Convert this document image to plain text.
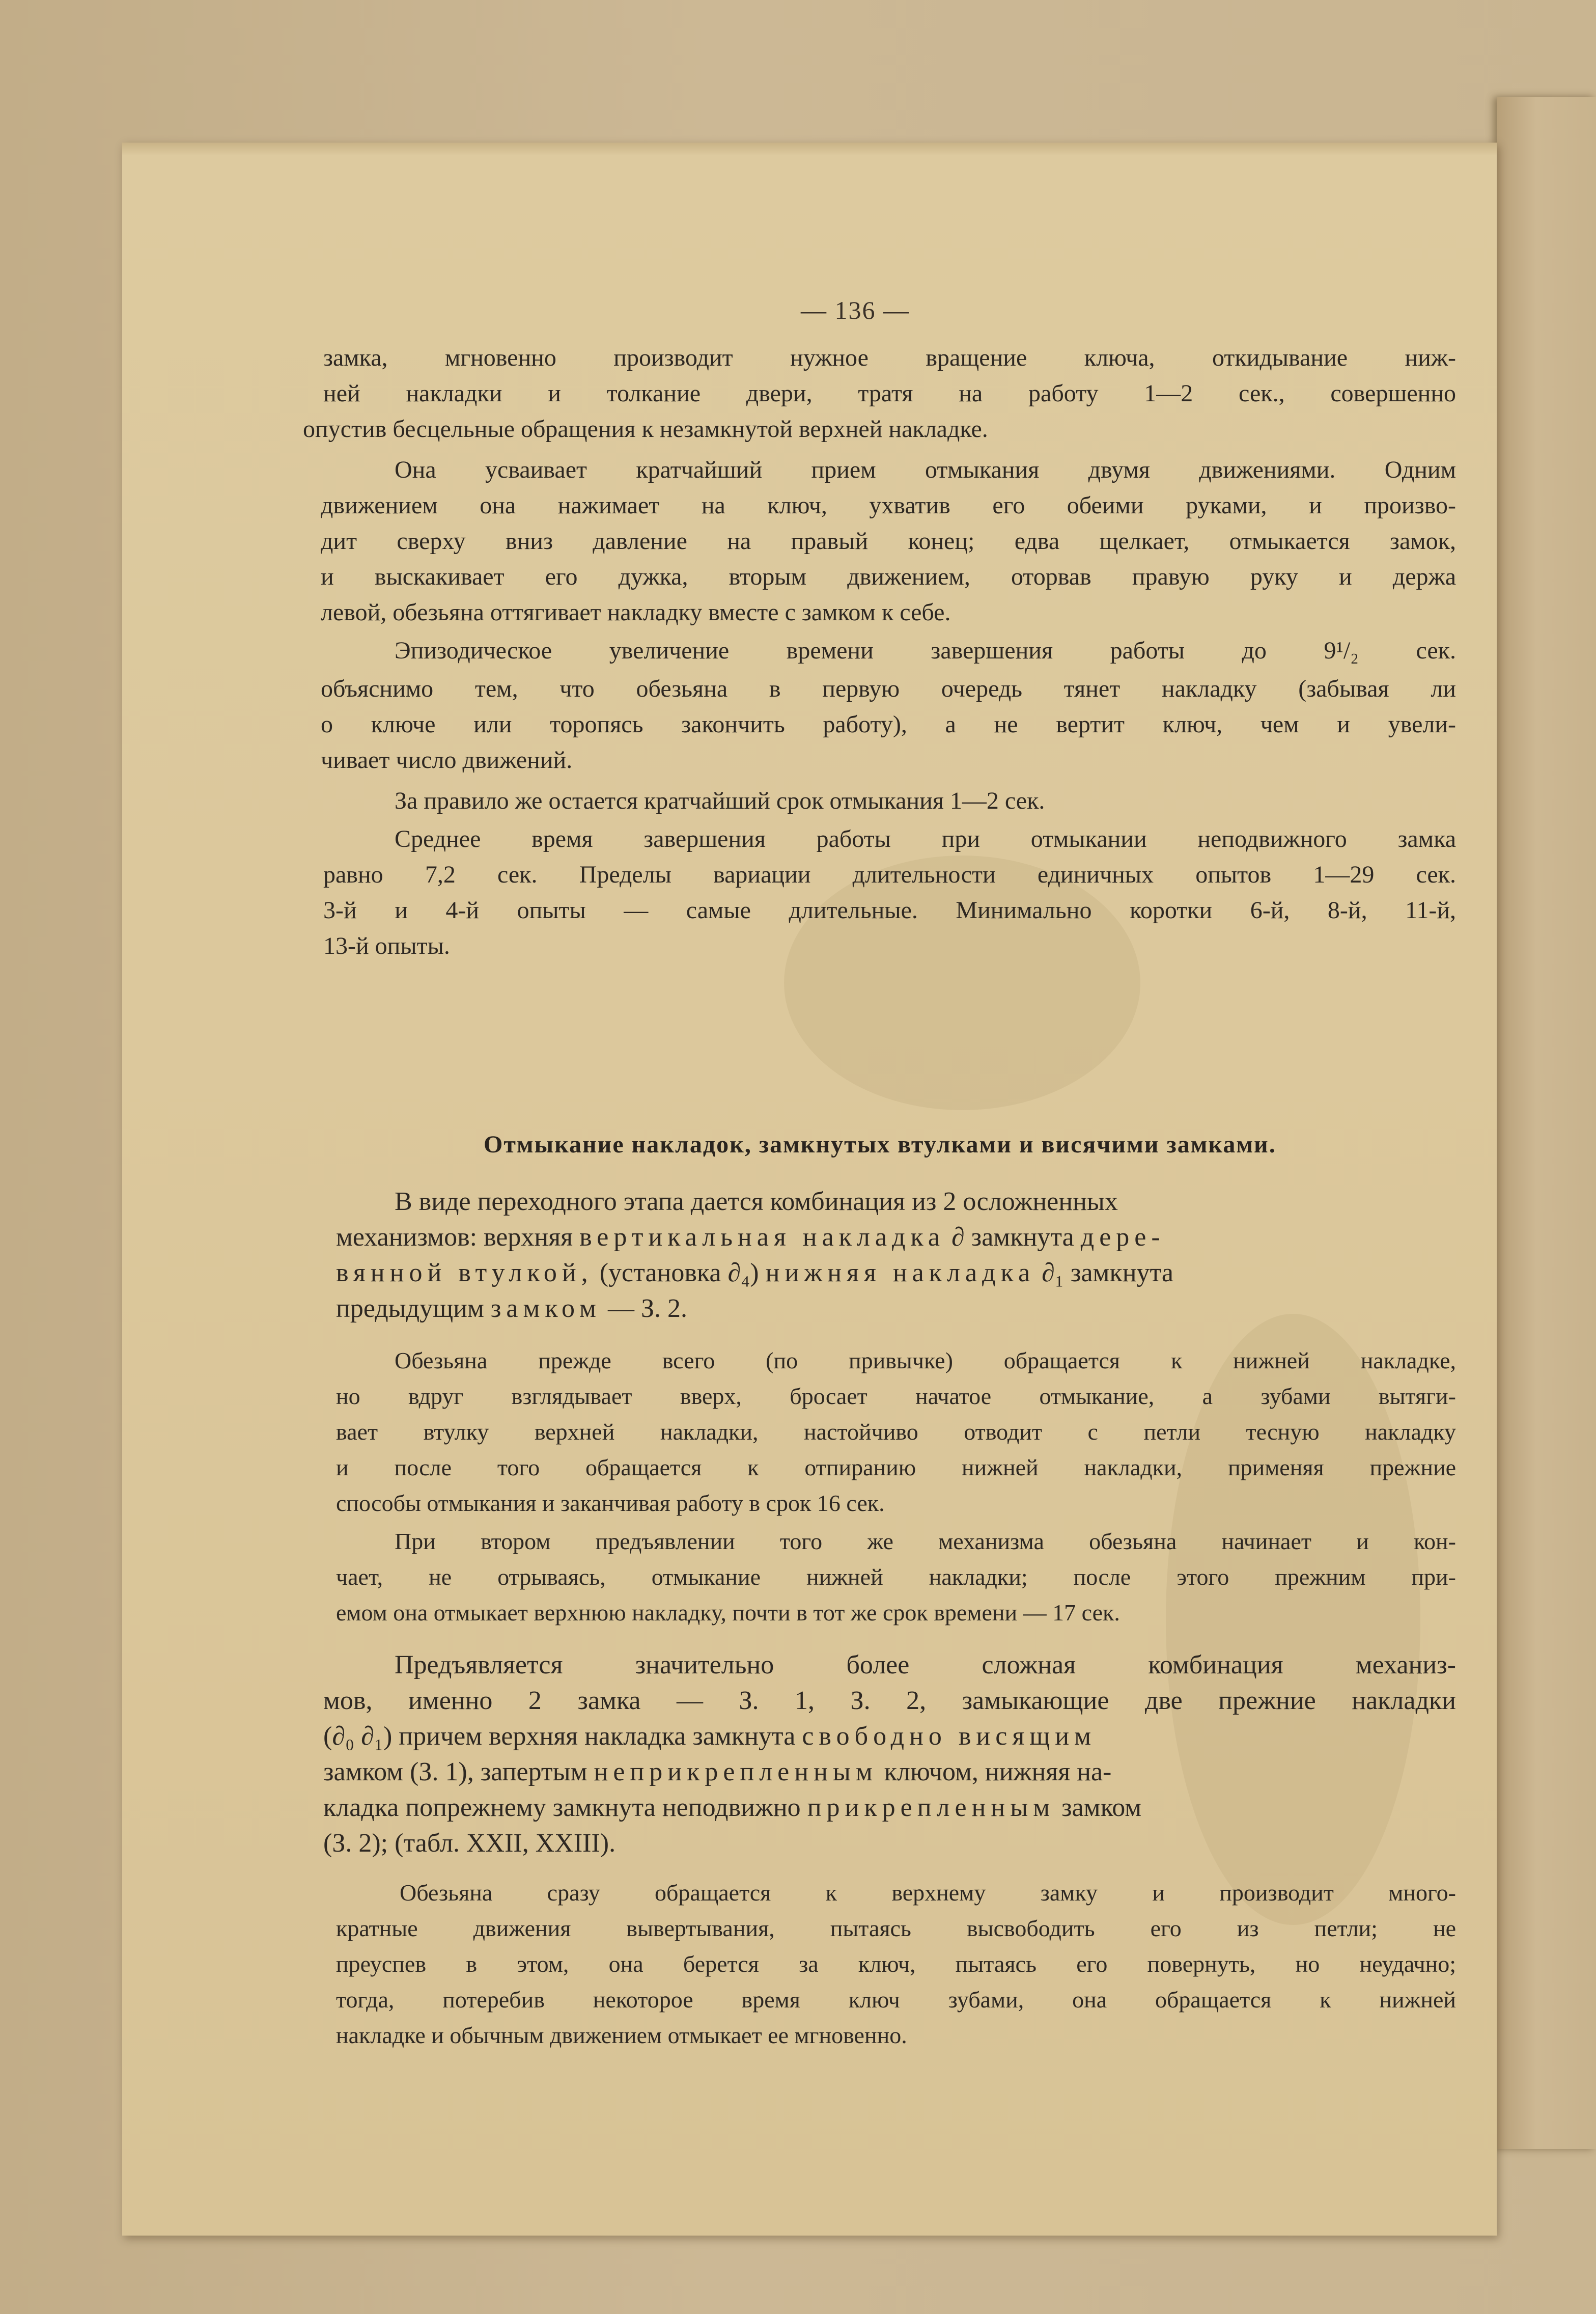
— 136 —
замка, мгновенно производит нужное вращение ключа, откидывание ниж-
ней накладки и толкание двери, тратя на работу 1—2 сек., совершенно
опустив бесцельные обращения к незамкнутой верхней накладке.
Она усваивает кратчайший прием отмыкания двумя движениями. Одним
движением она нажимает на ключ, ухватив его обеими руками, и произво-
дит сверху вниз давление на правый конец; едва щелкает, отмыкается замок,
и выскакивает его дужка, вторым движением, оторвав правую руку и держа
левой, обезьяна оттягивает накладку вместе с замком к себе.
Эпизодическое увеличение времени завершения работы до 9¹/₂ сек.
объяснимо тем, что обезьяна в первую очередь тянет накладку (забывая ли
о ключе или торопясь закончить работу), а не вертит ключ, чем и увели-
чивает число движений.
За правило же остается кратчайший срок отмыкания 1—2 сек.
Среднее время завершения работы при отмыкании неподвижного замка
равно 7,2 сек. Пределы вариации длительности единичных опытов 1—29 сек.
3-й и 4-й опыты — самые длительные. Минимально коротки 6-й, 8-й, 11-й,
13-й опыты.
Отмыкание накладок, замкнутых втулками и висячими замками.
В виде переходного этапа дается комбинация из 2 осложненных
механизмов: верхняя вертикальная накладка ∂ замкнута дере-
вянной втулкой, (установка ∂₄) нижняя накладка ∂₁ замкнута
предыдущим замком — З. 2.
Обезьяна прежде всего (по привычке) обращается к нижней накладке,
но вдруг взглядывает вверх, бросает начатое отмыкание, а зубами вытяги-
вает втулку верхней накладки, настойчиво отводит с петли тесную накладку
и после того обращается к отпиранию нижней накладки, применяя прежние
способы отмыкания и заканчивая работу в срок 16 сек.
При втором предъявлении того же механизма обезьяна начинает и кон-
чает, не отрываясь, отмыкание нижней накладки; после этого прежним при-
емом она отмыкает верхнюю накладку, почти в тот же срок времени — 17 сек.
Предъявляется значительно более сложная комбинация механиз-
мов, именно 2 замка — З. 1, З. 2, замыкающие две прежние накладки
(∂₀ ∂₁) причем верхняя накладка замкнута свободно висящим
замком (З. 1), запертым неприкрепленным ключом, нижняя на-
кладка попрежнему замкнута неподвижно прикрепленным замком
(З. 2); (табл. XXII, XXIII).
Обезьяна сразу обращается к верхнему замку и производит много-
кратные движения вывертывания, пытаясь высвободить его из петли; не
преуспев в этом, она берется за ключ, пытаясь его повернуть, но неудачно;
тогда, потеребив некоторое время ключ зубами, она обращается к нижней
накладке и обычным движением отмыкает ее мгновенно.
